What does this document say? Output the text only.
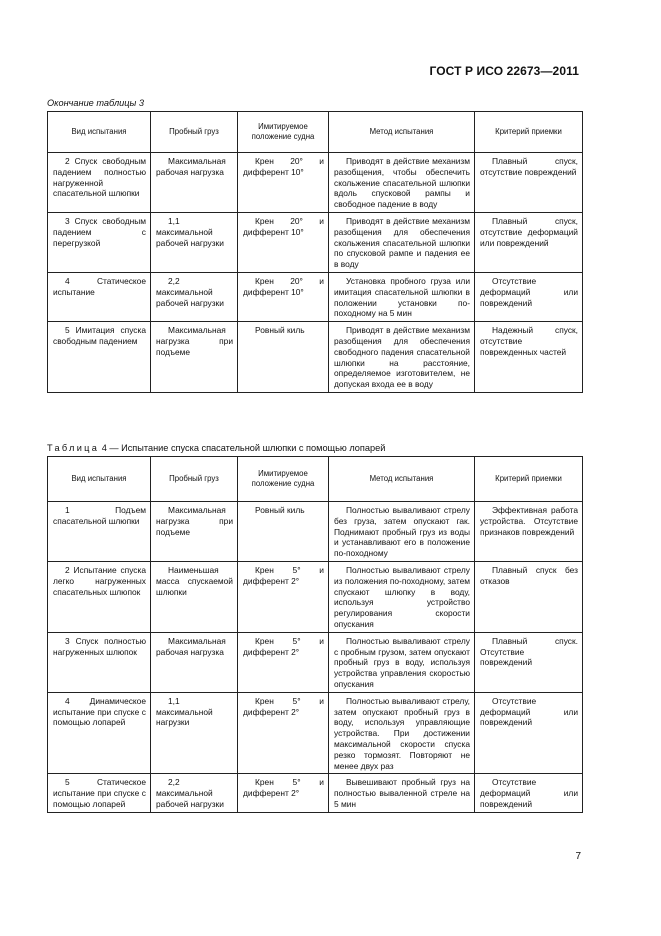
ГОСТ Р ИСО 22673—2011
Окончание таблицы 3
Вид испытания	Пробный груз	Имитируемое положение судна	Метод испытания	Критерий приемки
2 Спуск свободным падением полностью нагруженной спасательной шлюпки	Максимальная рабочая нагрузка	Крен 20° и дифферент 10°	Приводят в действие механизм разобщения, чтобы обеспечить скольжение спасательной шлюпки вдоль спусковой рампы и свободное падение в воду	Плавный спуск, отсутствие повреждений
3 Спуск свободным падением с перегрузкой	1,1 максимальной рабочей нагрузки	Крен 20° и дифферент 10°	Приводят в действие механизм разобщения для обеспечения скольжения спасательной шлюпки по спусковой рампе и падения ее в воду	Плавный спуск, отсутствие деформаций или повреждений
4 Статическое испытание	2,2 максимальной рабочей нагрузки	Крен 20° и дифферент 10°	Установка пробного груза или имитация спасательной шлюпки в положении установки по-походному на 5 мин	Отсутствие деформаций или повреждений
5 Имитация спуска свободным падением	Максимальная нагрузка при подъеме	Ровный киль	Приводят в действие механизм разобщения для обеспечения свободного падения спасательной шлюпки на расстояние, определяемое изготовителем, не допуская входа ее в воду	Надежный спуск, отсутствие поврежденных частей
Таблица 4 — Испытание спуска спасательной шлюпки с помощью лопарей
Вид испытания	Пробный груз	Имитируемое положение судна	Метод испытания	Критерий приемки
1 Подъем спасательной шлюпки	Максимальная нагрузка при подъеме	Ровный киль	Полностью вываливают стрелу без груза, затем опускают гак. Поднимают пробный груз из воды и устанавливают его в положение по-походному	Эффективная работа устройства. Отсутствие признаков повреждений
2 Испытание спуска легко нагруженных спасательных шлюпок	Наименьшая масса спускаемой шлюпки	Крен 5° и дифферент 2°	Полностью вываливают стрелу из положения по-походному, затем спускают шлюпку в воду, используя устройство регулирования скорости опускания	Плавный спуск без отказов
3 Спуск полностью нагруженных шлюпок	Максимальная рабочая нагрузка	Крен 5° и дифферент 2°	Полностью вываливают стрелу с пробным грузом, затем опускают пробный груз в воду, используя устройства управления скоростью опускания	Плавный спуск. Отсутствие повреждений
4 Динамическое испытание при спуске с помощью лопарей	1,1 максимальной нагрузки	Крен 5° и дифферент 2°	Полностью вываливают стрелу, затем опускают пробный груз в воду, используя управляющие устройства. При достижении максимальной скорости спуска резко тормозят. Повторяют не менее двух раз	Отсутствие деформаций или повреждений
5 Статическое испытание при спуске с помощью лопарей	2,2 максимальной рабочей нагрузки	Крен 5° и дифферент 2°	Вывешивают пробный груз на полностью вываленной стреле на 5 мин	Отсутствие деформаций или повреждений
7
